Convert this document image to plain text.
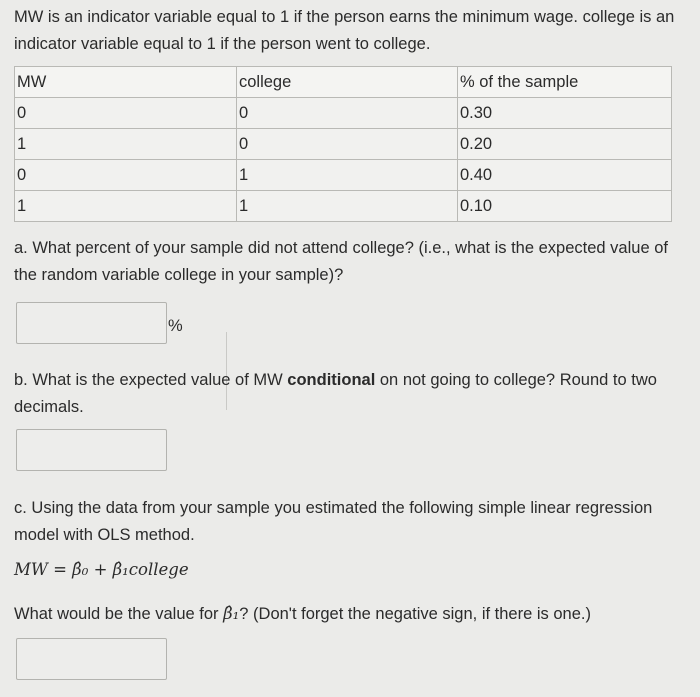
MW is an indicator variable equal to 1 if the person earns the minimum wage. college is an indicator variable equal to 1 if the person went to college.
MW	college	% of the sample
0	0	0.30
1	0	0.20
0	1	0.40
1	1	0.10
a. What percent of your sample did not attend college? (i.e., what is the expected value of the random variable college in your sample)?
%
b. What is the expected value of MW conditional on not going to college? Round to two decimals.
c. Using the data from your sample you estimated the following simple linear regression model with OLS method.
MW = β̂₀ + β̂₁college
What would be the value for β̂₁? (Don't forget the negative sign, if there is one.)
